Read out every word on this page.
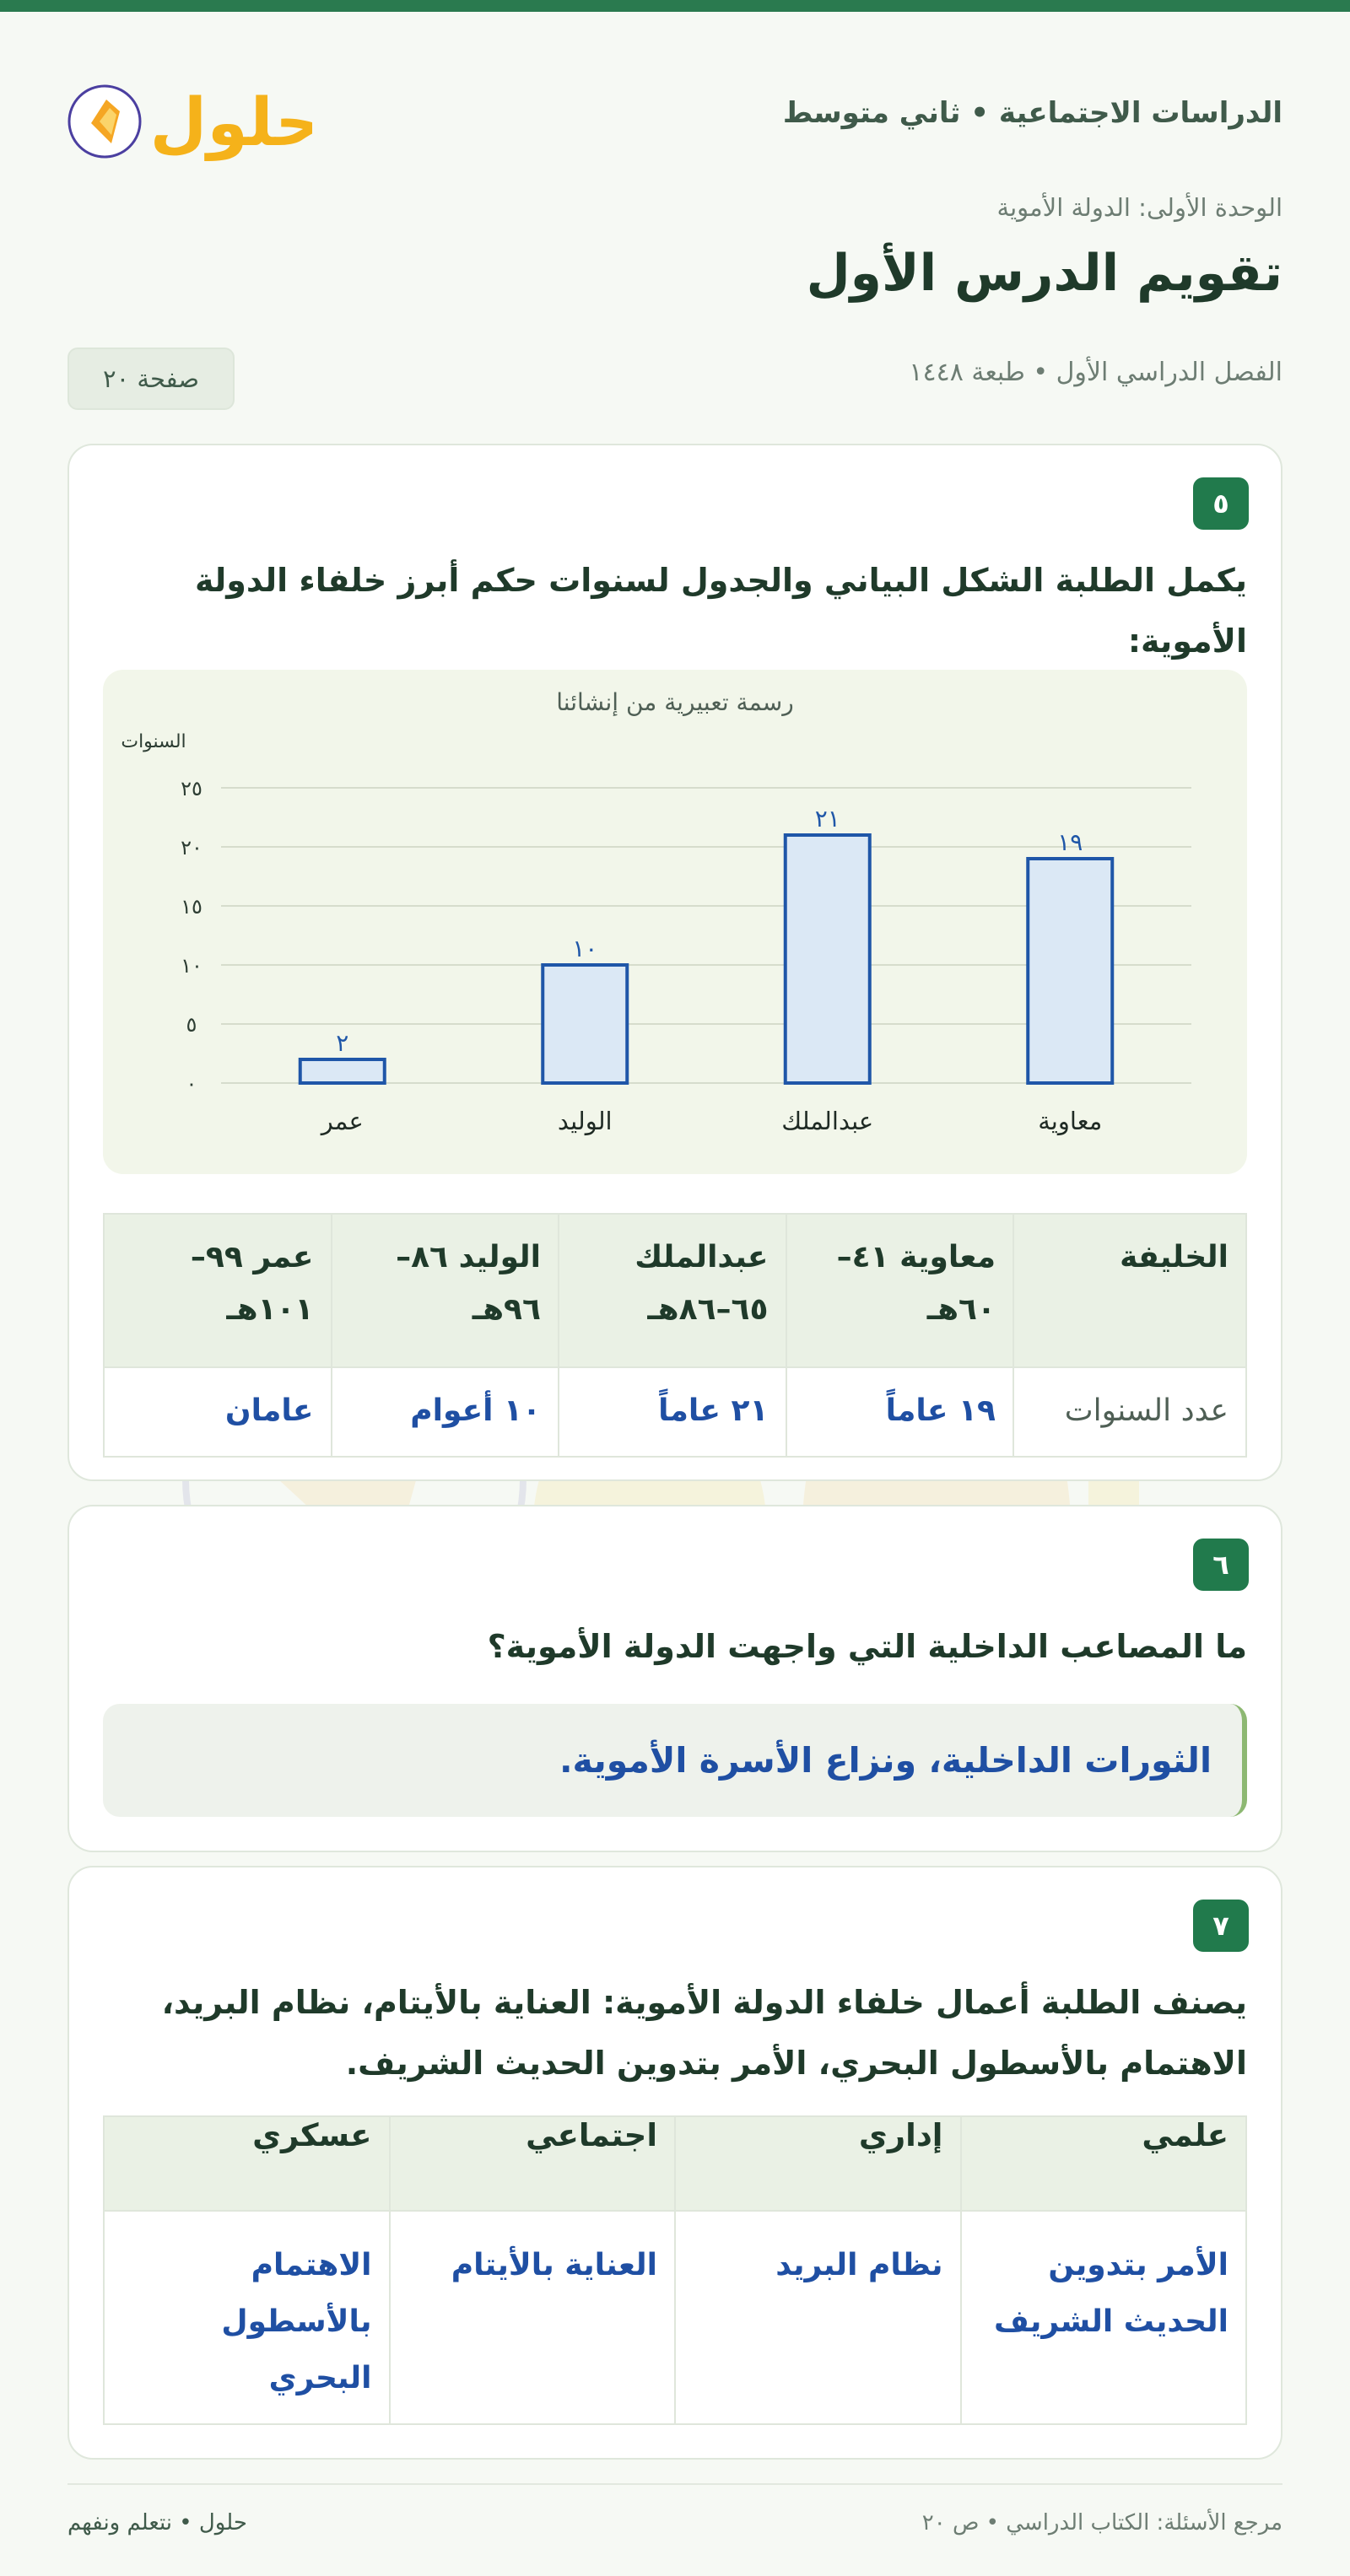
الدراسات الاجتماعية • ثاني متوسط
حلول
الوحدة الأولى: الدولة الأموية
تقويم الدرس الأول
الفصل الدراسي الأول • طبعة ١٤٤٨
صفحة ٢٠
٥
يكمل الطلبة الشكل البياني والجدول لسنوات حكم أبرز خلفاء الدولة الأموية:
رسمة تعبيرية من إنشائنا
السنوات
٠
٥
١٠
١٥
٢٠
٢٥
١٩
معاوية
٢١
عبدالملك
١٠
الوليد
٢
عمر
الخليفة	معاوية ٤١–٦٠هـ	عبدالملك ٦٥–٨٦هـ	الوليد ٨٦–٩٦هـ	عمر ٩٩–١٠١هـ
عدد السنوات	١٩ عاماً	٢١ عاماً	١٠ أعوام	عامان
٦
ما المصاعب الداخلية التي واجهت الدولة الأموية؟
الثورات الداخلية، ونزاع الأسرة الأموية.
٧
يصنف الطلبة أعمال خلفاء الدولة الأموية: العناية بالأيتام، نظام البريد، الاهتمام بالأسطول البحري، الأمر بتدوين الحديث الشريف.
علمي	إداري	اجتماعي	عسكري
الأمر بتدوين الحديث الشريف	نظام البريد	العناية بالأيتام	الاهتمام بالأسطول البحري
مرجع الأسئلة: الكتاب الدراسي • ص ٢٠
حلول • نتعلم ونفهم
